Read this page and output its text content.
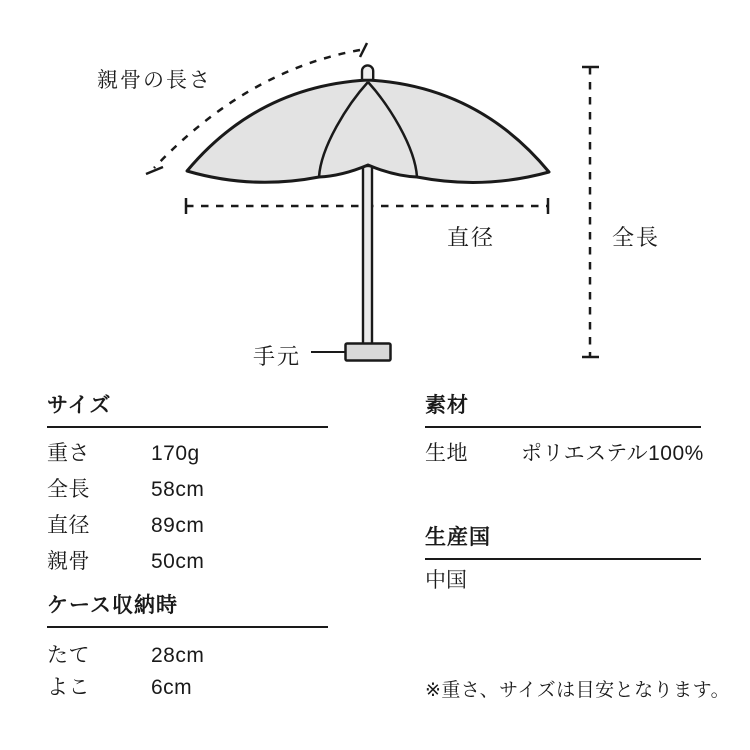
親骨の長さ
直径	全長
手元
サイズ
重さ	170g
全長	58cm
直径	89cm
親骨	50cm
ケース収納時
たて	28cm
よこ	6cm
素材
生地	ポリエステル100%
生産国
中国
※重さ、サイズは目安となります。
